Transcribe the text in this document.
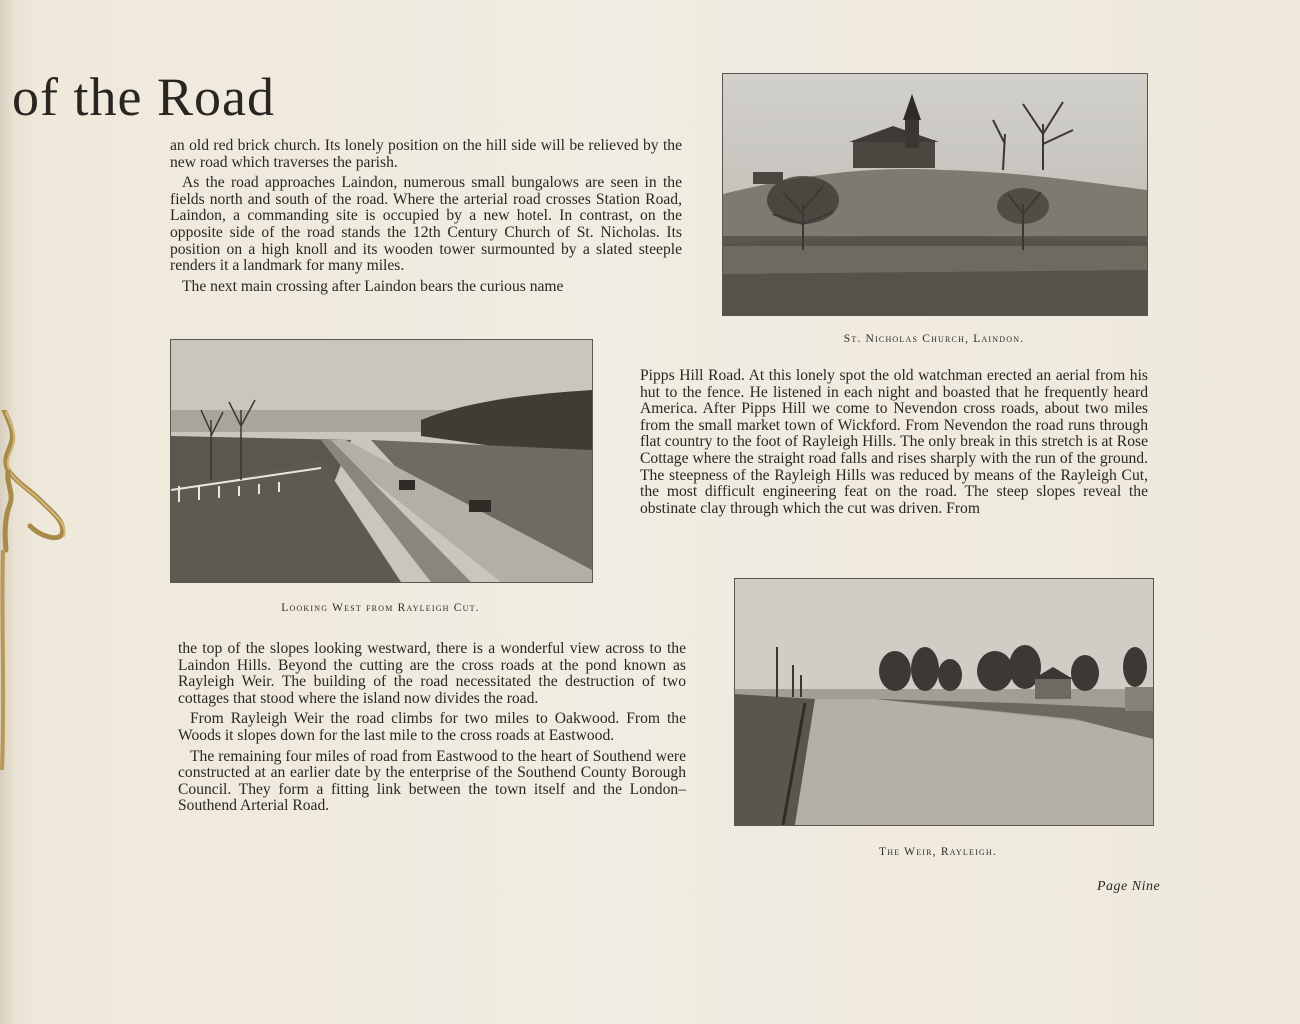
of the Road

an old red brick church. Its lonely position on the hill side will be relieved by the new road which traverses the parish.

As the road approaches Laindon, numerous small bungalows are seen in the fields north and south of the road. Where the arterial road crosses Station Road, Laindon, a commanding site is occupied by a new hotel. In contrast, on the opposite side of the road stands the 12th Century Church of St. Nicholas. Its position on a high knoll and its wooden tower surmounted by a slated steeple renders it a landmark for many miles.

The next main crossing after Laindon bears the curious name

St. Nicholas Church, Laindon.
Looking West from Rayleigh Cut.

Pipps Hill Road. At this lonely spot the old watchman erected an aerial from his hut to the fence. He listened in each night and boasted that he frequently heard America. After Pipps Hill we come to Nevendon cross roads, about two miles from the small market town of Wickford. From Nevendon the road runs through flat country to the foot of Rayleigh Hills. The only break in this stretch is at Rose Cottage where the straight road falls and rises sharply with the run of the ground. The steepness of the Rayleigh Hills was reduced by means of the Rayleigh Cut, the most difficult engineering feat on the road. The steep slopes reveal the obstinate clay through which the cut was driven. From

The Weir, Rayleigh.

the top of the slopes looking westward, there is a wonderful view across to the Laindon Hills. Beyond the cutting are the cross roads at the pond known as Rayleigh Weir. The building of the road necessitated the destruction of two cottages that stood where the island now divides the road.

From Rayleigh Weir the road climbs for two miles to Oakwood. From the Woods it slopes down for the last mile to the cross roads at Eastwood.

The remaining four miles of road from Eastwood to the heart of Southend were constructed at an earlier date by the enterprise of the Southend County Borough Council. They form a fitting link between the town itself and the London–Southend Arterial Road.

Page Nine
